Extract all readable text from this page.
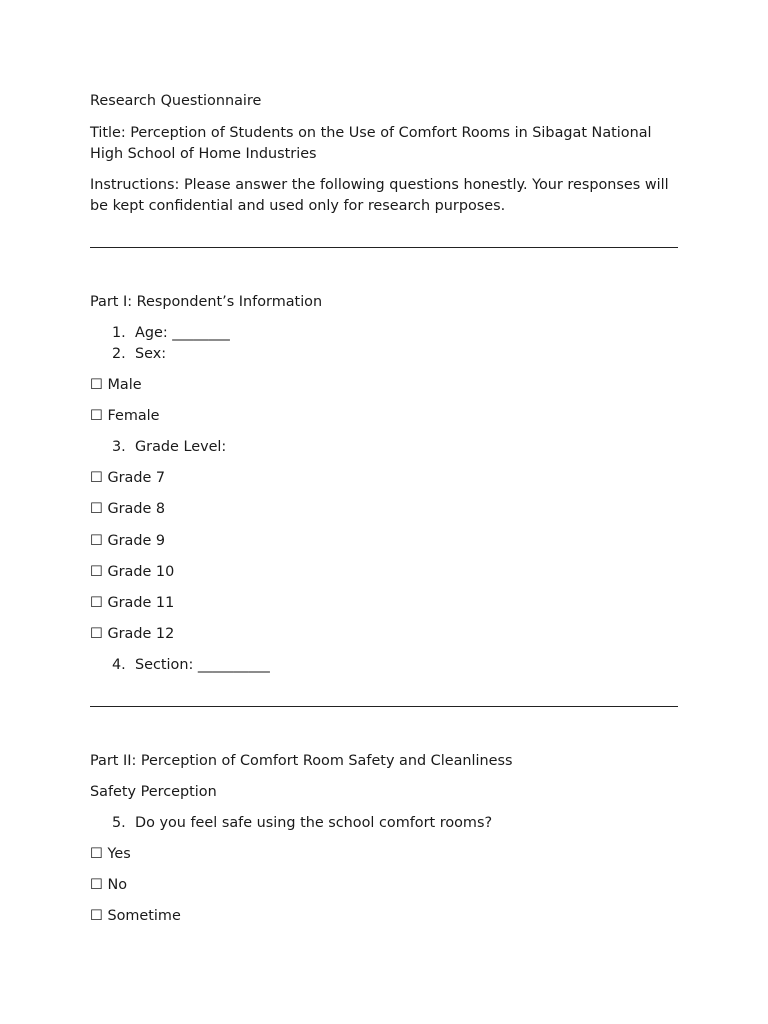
Research Questionnaire
Title: Perception of Students on the Use of Comfort Rooms in Sibagat National High School of Home Industries
Instructions: Please answer the following questions honestly. Your responses will be kept confidential and used only for research purposes.
Part I: Respondent’s Information
1. Age: ________
2. Sex:
☐ Male
☐ Female
3. Grade Level:
☐ Grade 7
☐ Grade 8
☐ Grade 9
☐ Grade 10
☐ Grade 11
☐ Grade 12
4. Section: __________
Part II: Perception of Comfort Room Safety and Cleanliness
Safety Perception
5. Do you feel safe using the school comfort rooms?
☐ Yes
☐ No
☐ Sometime
